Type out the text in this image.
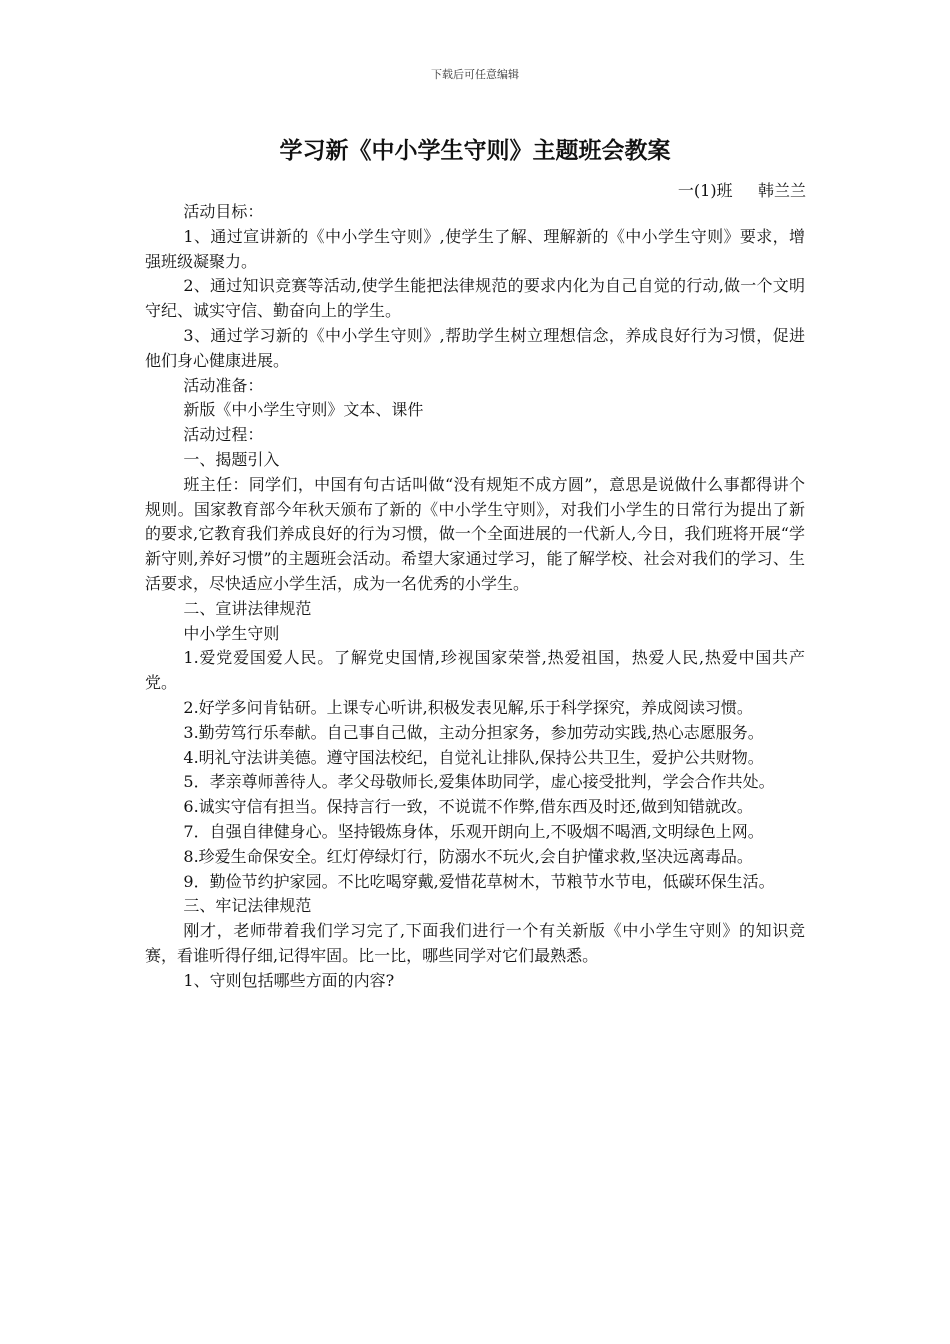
下载后可任意编辑
学习新《中小学生守则》主题班会教案
一(1)班     韩兰兰

活动目标：

1、通过宣讲新的《中小学生守则》,使学生了解、理解新的《中小学生守则》要求，增强班级凝聚力。

2、通过知识竞赛等活动,使学生能把法律规范的要求内化为自己自觉的行动,做一个文明守纪、诚实守信、勤奋向上的学生。

3、通过学习新的《中小学生守则》,帮助学生树立理想信念，养成良好行为习惯，促进他们身心健康进展。

活动准备：

新版《中小学生守则》文本、课件

活动过程：

一、揭题引入

班主任：同学们，中国有句古话叫做“没有规矩不成方圆”，意思是说做什么事都得讲个规则。国家教育部今年秋天颁布了新的《中小学生守则》，对我们小学生的日常行为提出了新的要求,它教育我们养成良好的行为习惯，做一个全面进展的一代新人,今日，我们班将开展“学新守则,养好习惯”的主题班会活动。希望大家通过学习，能了解学校、社会对我们的学习、生活要求，尽快适应小学生活，成为一名优秀的小学生。

二、宣讲法律规范

中小学生守则

1.爱党爱国爱人民。了解党史国情,珍视国家荣誉,热爱祖国，热爱人民,热爱中国共产党。

2.好学多问肯钻研。上课专心听讲,积极发表见解,乐于科学探究，养成阅读习惯。

3.勤劳笃行乐奉献。自己事自己做，主动分担家务，参加劳动实践,热心志愿服务。

4.明礼守法讲美德。遵守国法校纪，自觉礼让排队,保持公共卫生，爱护公共财物。

5．孝亲尊师善待人。孝父母敬师长,爱集体助同学，虚心接受批判，学会合作共处。

6.诚实守信有担当。保持言行一致，不说谎不作弊,借东西及时还,做到知错就改。

7．自强自律健身心。坚持锻炼身体，乐观开朗向上,不吸烟不喝酒,文明绿色上网。

8.珍爱生命保安全。红灯停绿灯行，防溺水不玩火,会自护懂求救,坚决远离毒品。

9．勤俭节约护家园。不比吃喝穿戴,爱惜花草树木，节粮节水节电，低碳环保生活。

三、牢记法律规范

刚才，老师带着我们学习完了,下面我们进行一个有关新版《中小学生守则》的知识竞赛，看谁听得仔细,记得牢固。比一比，哪些同学对它们最熟悉。

1、守则包括哪些方面的内容?
